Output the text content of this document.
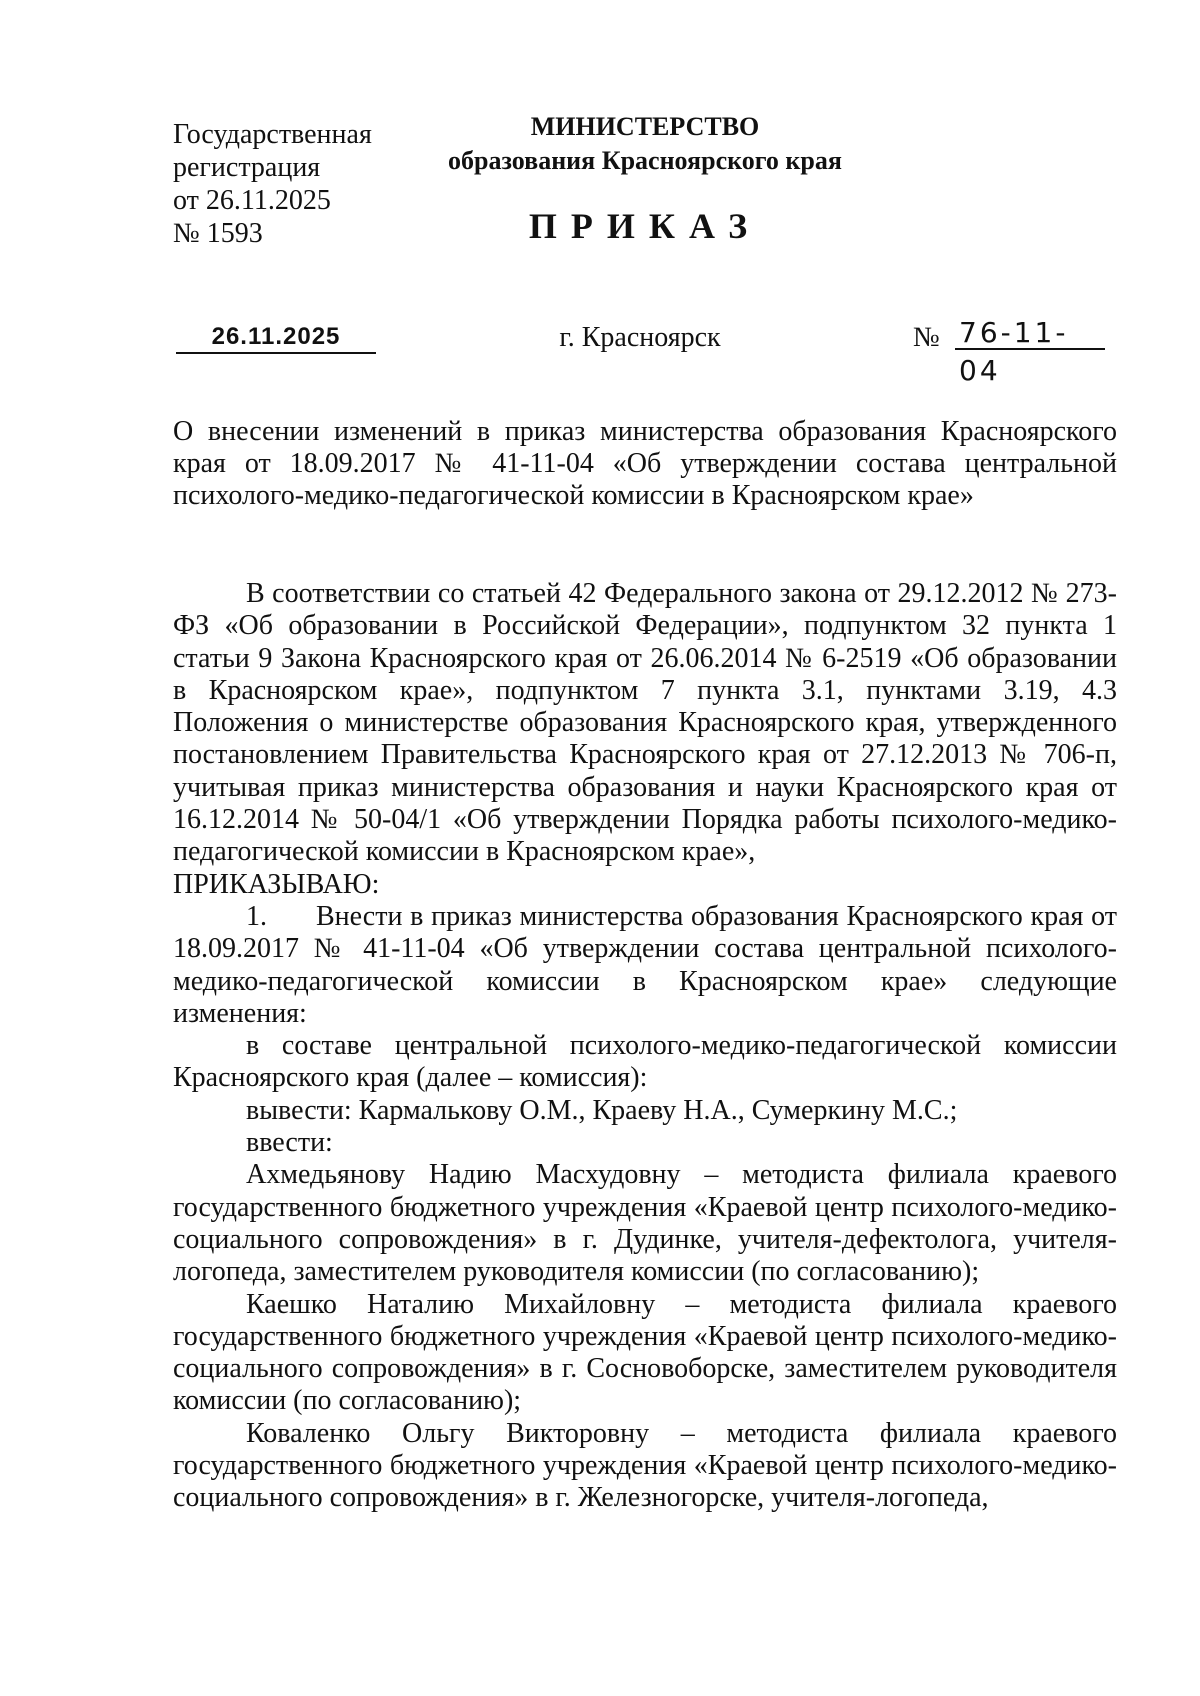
Государственная
регистрация
от 26.11.2025
№ 1593
МИНИСТЕРСТВО
образования Красноярского края
ПРИКАЗ
26.11.2025	г. Красноярск	№ 76-11-04
О внесении изменений в приказ министерства образования Красноярского края от 18.09.2017 № 41-11-04 «Об утверждении состава центральной психолого-медико-педагогической комиссии в Красноярском крае»

В соответствии со статьей 42 Федерального закона от 29.12.2012 № 273-ФЗ «Об образовании в Российской Федерации», подпунктом 32 пункта 1 статьи 9 Закона Красноярского края от 26.06.2014 № 6-2519 «Об образовании в Красноярском крае», подпунктом 7 пункта 3.1, пунктами 3.19, 4.3 Положения о министерстве образования Красноярского края, утвержденного постановлением Правительства Красноярского края от 27.12.2013 № 706-п, учитывая приказ министерства образования и науки Красноярского края от 16.12.2014 № 50-04/1 «Об утверждении Порядка работы психолого-медико-педагогической комиссии в Красноярском крае»,

ПРИКАЗЫВАЮ:

1. Внести в приказ министерства образования Красноярского края от 18.09.2017 № 41-11-04 «Об утверждении состава центральной психолого-медико-педагогической комиссии в Красноярском крае» следующие изменения:

в составе центральной психолого-медико-педагогической комиссии Красноярского края (далее – комиссия):

вывести: Кармалькову О.М., Краеву Н.А., Сумеркину М.С.;

ввести:

Ахмедьянову Надию Масхудовну – методиста филиала краевого государственного бюджетного учреждения «Краевой центр психолого-медико-социального сопровождения» в г. Дудинке, учителя-дефектолога, учителя-логопеда, заместителем руководителя комиссии (по согласованию);

Каешко Наталию Михайловну – методиста филиала краевого государственного бюджетного учреждения «Краевой центр психолого-медико-социального сопровождения» в г. Сосновоборске, заместителем руководителя комиссии (по согласованию);

Коваленко Ольгу Викторовну – методиста филиала краевого государственного бюджетного учреждения «Краевой центр психолого-медико-социального сопровождения» в г. Железногорске, учителя-логопеда,
